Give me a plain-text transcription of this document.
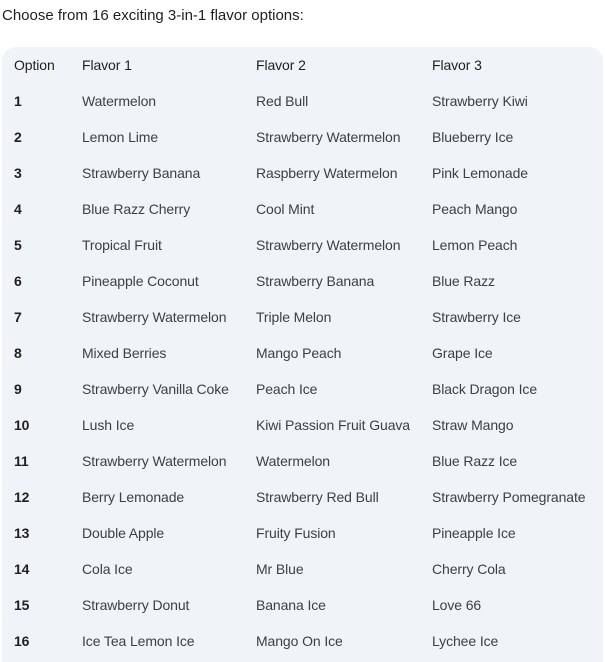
Choose from 16 exciting 3-in-1 flavor options:
Option	Flavor 1	Flavor 2	Flavor 3
1	Watermelon	Red Bull	Strawberry Kiwi
2	Lemon Lime	Strawberry Watermelon	Blueberry Ice
3	Strawberry Banana	Raspberry Watermelon	Pink Lemonade
4	Blue Razz Cherry	Cool Mint	Peach Mango
5	Tropical Fruit	Strawberry Watermelon	Lemon Peach
6	Pineapple Coconut	Strawberry Banana	Blue Razz
7	Strawberry Watermelon	Triple Melon	Strawberry Ice
8	Mixed Berries	Mango Peach	Grape Ice
9	Strawberry Vanilla Coke	Peach Ice	Black Dragon Ice
10	Lush Ice	Kiwi Passion Fruit Guava	Straw Mango
11	Strawberry Watermelon	Watermelon	Blue Razz Ice
12	Berry Lemonade	Strawberry Red Bull	Strawberry Pomegranate
13	Double Apple	Fruity Fusion	Pineapple Ice
14	Cola Ice	Mr Blue	Cherry Cola
15	Strawberry Donut	Banana Ice	Love 66
16	Ice Tea Lemon Ice	Mango On Ice	Lychee Ice
